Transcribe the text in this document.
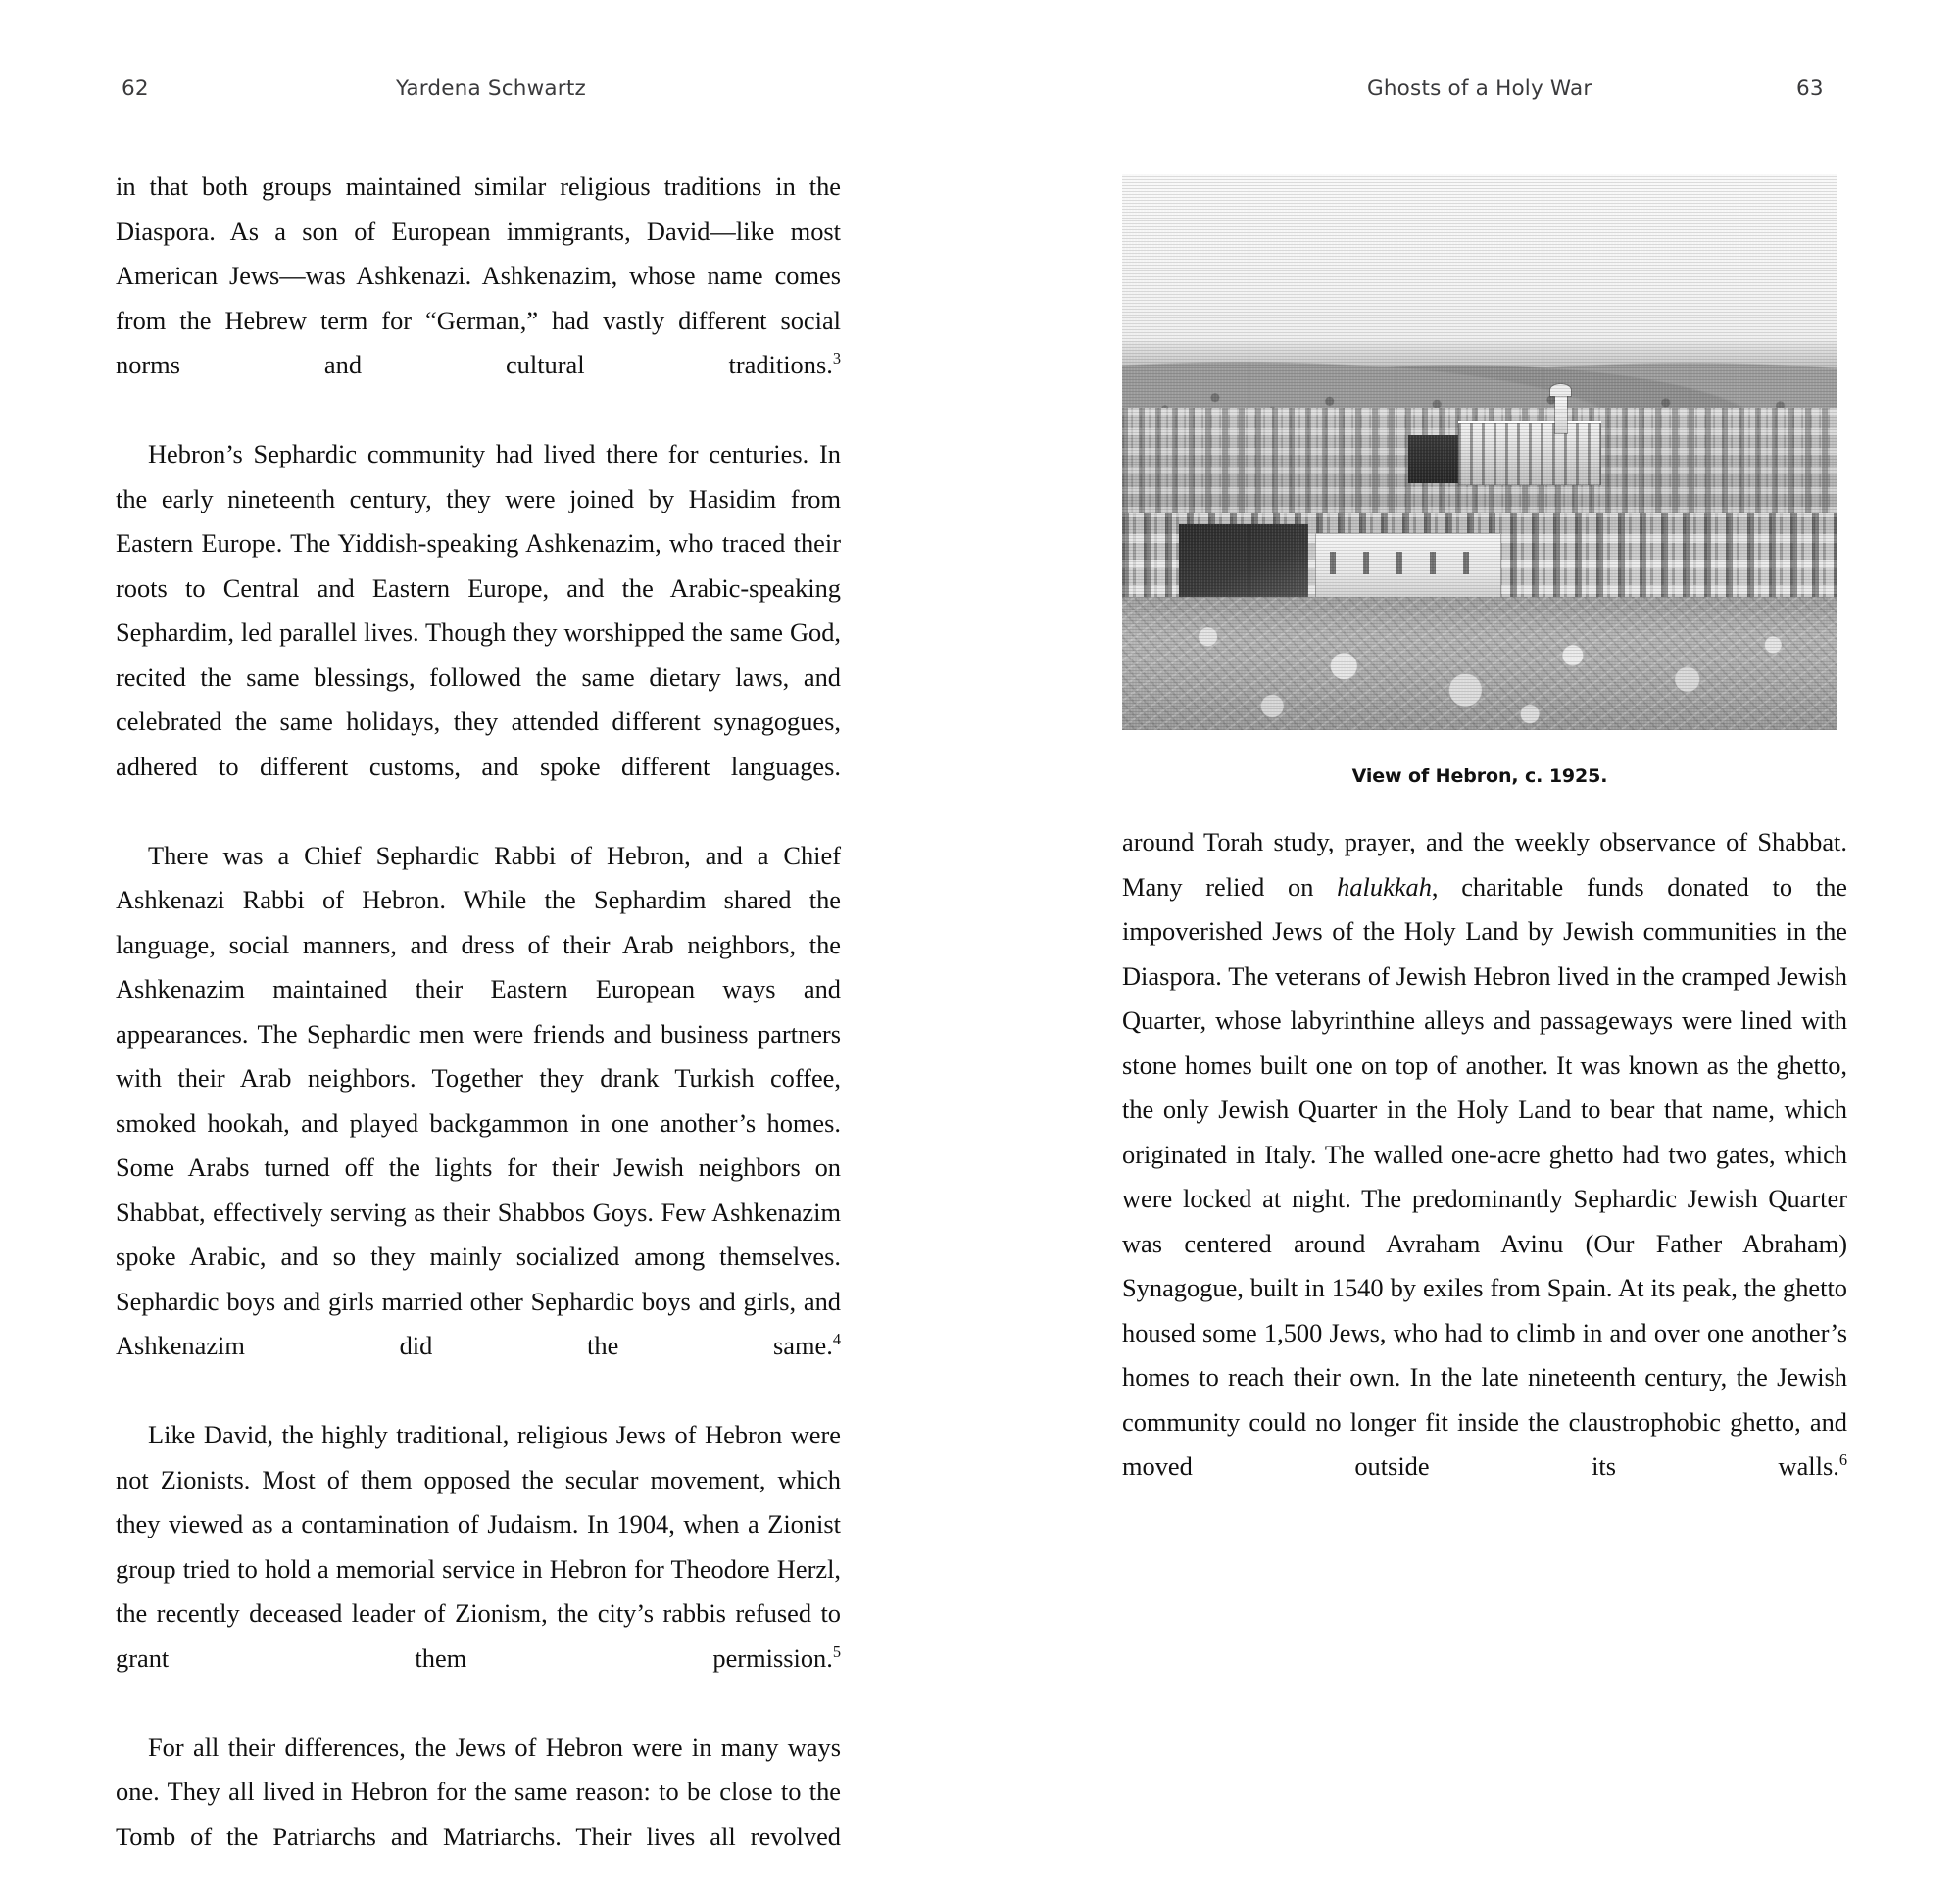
62	Yardena Schwartz	Ghosts of a Holy War	63

in that both groups maintained similar religious traditions in the Diaspora. As a son of European immigrants, David—like most American Jews—was Ashkenazi. Ashkenazim, whose name comes from the Hebrew term for “German,” had vastly different social norms and cultural traditions.$^3$

Hebron’s Sephardic community had lived there for centuries. In the early nineteenth century, they were joined by Hasidim from Eastern Europe. The Yiddish-speaking Ashkenazim, who traced their roots to Central and Eastern Europe, and the Arabic-speaking Sephardim, led parallel lives. Though they worshipped the same God, recited the same blessings, followed the same dietary laws, and celebrated the same holidays, they attended different synagogues, adhered to different customs, and spoke different languages.

There was a Chief Sephardic Rabbi of Hebron, and a Chief Ashkenazi Rabbi of Hebron. While the Sephardim shared the language, social manners, and dress of their Arab neighbors, the Ashkenazim maintained their Eastern European ways and appearances. The Sephardic men were friends and business partners with their Arab neighbors. Together they drank Turkish coffee, smoked hookah, and played backgammon in one another’s homes. Some Arabs turned off the lights for their Jewish neighbors on Shabbat, effectively serving as their Shabbos Goys. Few Ashkenazim spoke Arabic, and so they mainly socialized among themselves. Sephardic boys and girls married other Sephardic boys and girls, and Ashkenazim did the same.$^4$

Like David, the highly traditional, religious Jews of Hebron were not Zionists. Most of them opposed the secular movement, which they viewed as a contamination of Judaism. In 1904, when a Zionist group tried to hold a memorial service in Hebron for Theodore Herzl, the recently deceased leader of Zionism, the city’s rabbis refused to grant them permission.$^5$

For all their differences, the Jews of Hebron were in many ways one. They all lived in Hebron for the same reason: to be close to the Tomb of the Patriarchs and Matriarchs. Their lives all revolved

View of Hebron, c. 1925.

around Torah study, prayer, and the weekly observance of Shabbat. Many relied on halukkah, charitable funds donated to the impoverished Jews of the Holy Land by Jewish communities in the Diaspora. The veterans of Jewish Hebron lived in the cramped Jewish Quarter, whose labyrinthine alleys and passageways were lined with stone homes built one on top of another. It was known as the ghetto, the only Jewish Quarter in the Holy Land to bear that name, which originated in Italy. The walled one-acre ghetto had two gates, which were locked at night. The predominantly Sephardic Jewish Quarter was centered around Avraham Avinu (Our Father Abraham) Synagogue, built in 1540 by exiles from Spain. At its peak, the ghetto housed some 1,500 Jews, who had to climb in and over one another’s homes to reach their own. In the late nineteenth century, the Jewish community could no longer fit inside the claustrophobic ghetto, and moved outside its walls.$^6$
